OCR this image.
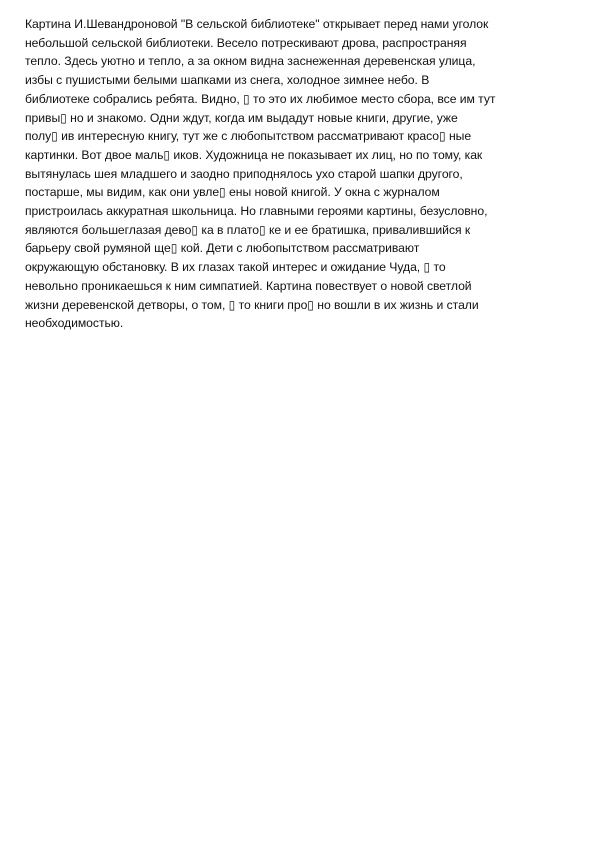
Картина И.Шевандроновой "В сельской библиотеке" открывает перед нами уголок
небольшой сельской библиотеки. Весело потрескивают дрова, распространяя
тепло. Здесь уютно и тепло, а за окном видна заснеженная деревенская улица,
избы с пушистыми белыми шапками из снега, холодное зимнее небо. В
библиотеке собрались ребята. Видно, ▯ то это их любимое место сбора, все им тут
привы▯ но и знакомо. Одни ждут, когда им выдадут новые книги, другие, уже
полу▯ ив интересную книгу, тут же с любопытством рассматривают красо▯ ные
картинки. Вот двое маль▯ иков. Художница не показывает их лиц, но по тому, как
вытянулась шея младшего и заодно приподнялось ухо старой шапки другого,
постарше, мы видим, как они увле▯ ены новой книгой. У окна с журналом
пристроилась аккуратная школьница. Но главными героями картины, безусловно,
являются большеглазая дево▯ ка в плато▯ ке и ее братишка, привалившийся к
барьеру свой румяной ще▯ кой. Дети с любопытством рассматривают
окружающую обстановку. В их глазах такой интерес и ожидание Чуда, ▯ то
невольно проникаешься к ним симпатией. Картина повествует о новой светлой
жизни деревенской детворы, о том, ▯ то книги про▯ но вошли в их жизнь и стали
необходимостью.
